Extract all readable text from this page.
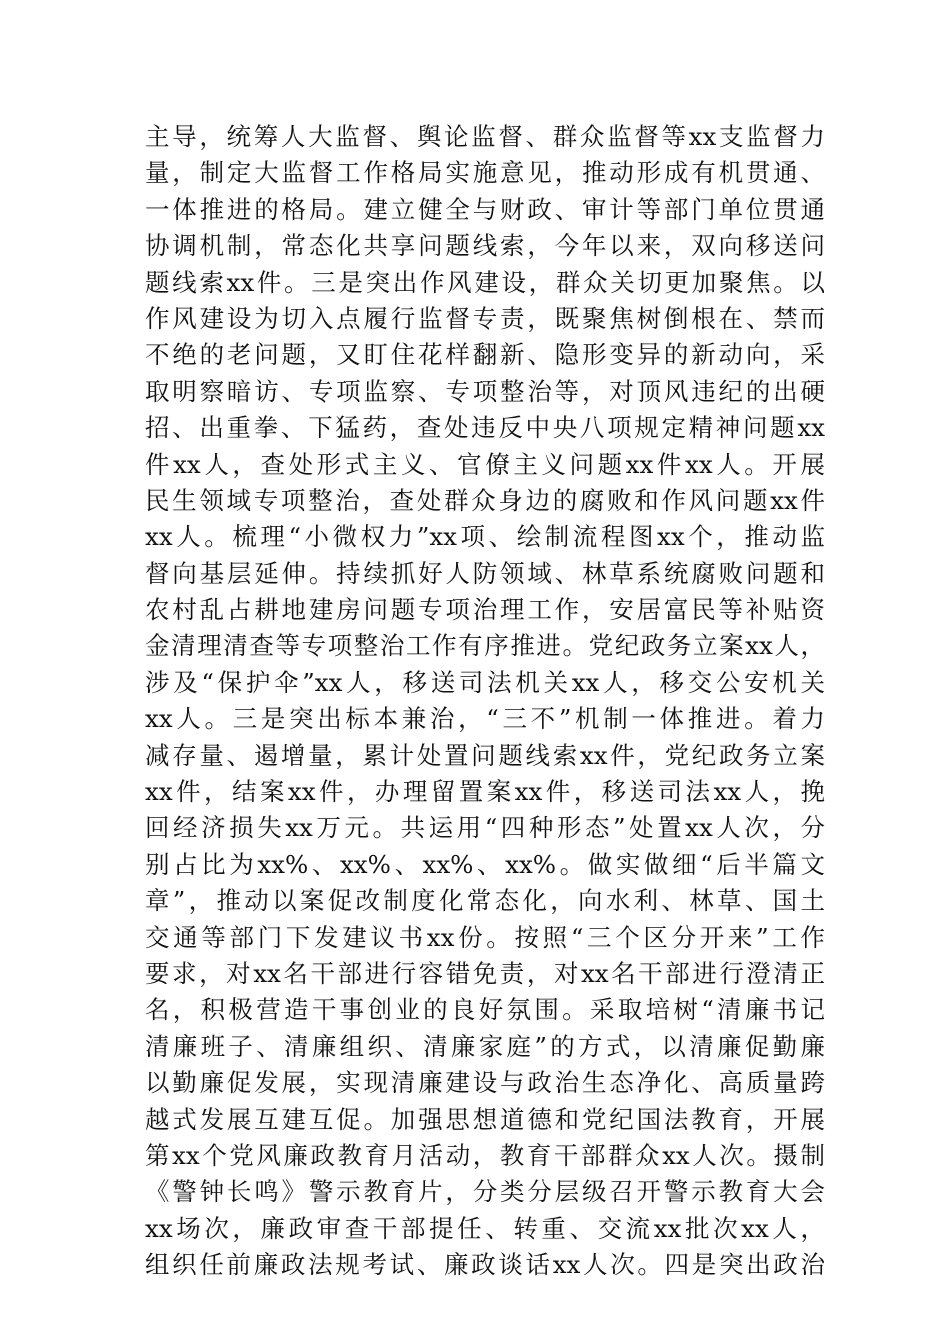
主导，统筹人大监督、舆论监督、群众监督等xx支监督力
量，制定大监督工作格局实施意见，推动形成有机贯通、
一体推进的格局。建立健全与财政、审计等部门单位贯通
协调机制，常态化共享问题线索，今年以来，双向移送问
题线索xx件。三是突出作风建设，群众关切更加聚焦。以
作风建设为切入点履行监督专责，既聚焦树倒根在、禁而
不绝的老问题，又盯住花样翻新、隐形变异的新动向，采
取明察暗访、专项监察、专项整治等，对顶风违纪的出硬
招、出重拳、下猛药，查处违反中央八项规定精神问题xx
件xx人，查处形式主义、官僚主义问题xx件xx人。开展
民生领域专项整治，查处群众身边的腐败和作风问题xx件
xx人。梳理“小微权力”xx项、绘制流程图xx个，推动监
督向基层延伸。持续抓好人防领域、林草系统腐败问题和
农村乱占耕地建房问题专项治理工作，安居富民等补贴资
金清理清查等专项整治工作有序推进。党纪政务立案xx人，
涉及“保护伞”xx人，移送司法机关xx人，移交公安机关
xx人。三是突出标本兼治，“三不”机制一体推进。着力
减存量、遏增量，累计处置问题线索xx件，党纪政务立案
xx件，结案xx件，办理留置案xx件，移送司法xx人，挽
回经济损失xx万元。共运用“四种形态”处置xx人次，分
别占比为xx%、xx%、xx%、xx%。做实做细“后半篇文
章”，推动以案促改制度化常态化，向水利、林草、国土
交通等部门下发建议书xx份。按照“三个区分开来”工作
要求，对xx名干部进行容错免责，对xx名干部进行澄清正
名，积极营造干事创业的良好氛围。采取培树“清廉书记
清廉班子、清廉组织、清廉家庭”的方式，以清廉促勤廉
以勤廉促发展，实现清廉建设与政治生态净化、高质量跨
越式发展互建互促。加强思想道德和党纪国法教育，开展
第xx个党风廉政教育月活动，教育干部群众xx人次。摄制
《警钟长鸣》警示教育片，分类分层级召开警示教育大会
xx场次，廉政审查干部提任、转重、交流xx批次xx人，
组织任前廉政法规考试、廉政谈话xx人次。四是突出政治
